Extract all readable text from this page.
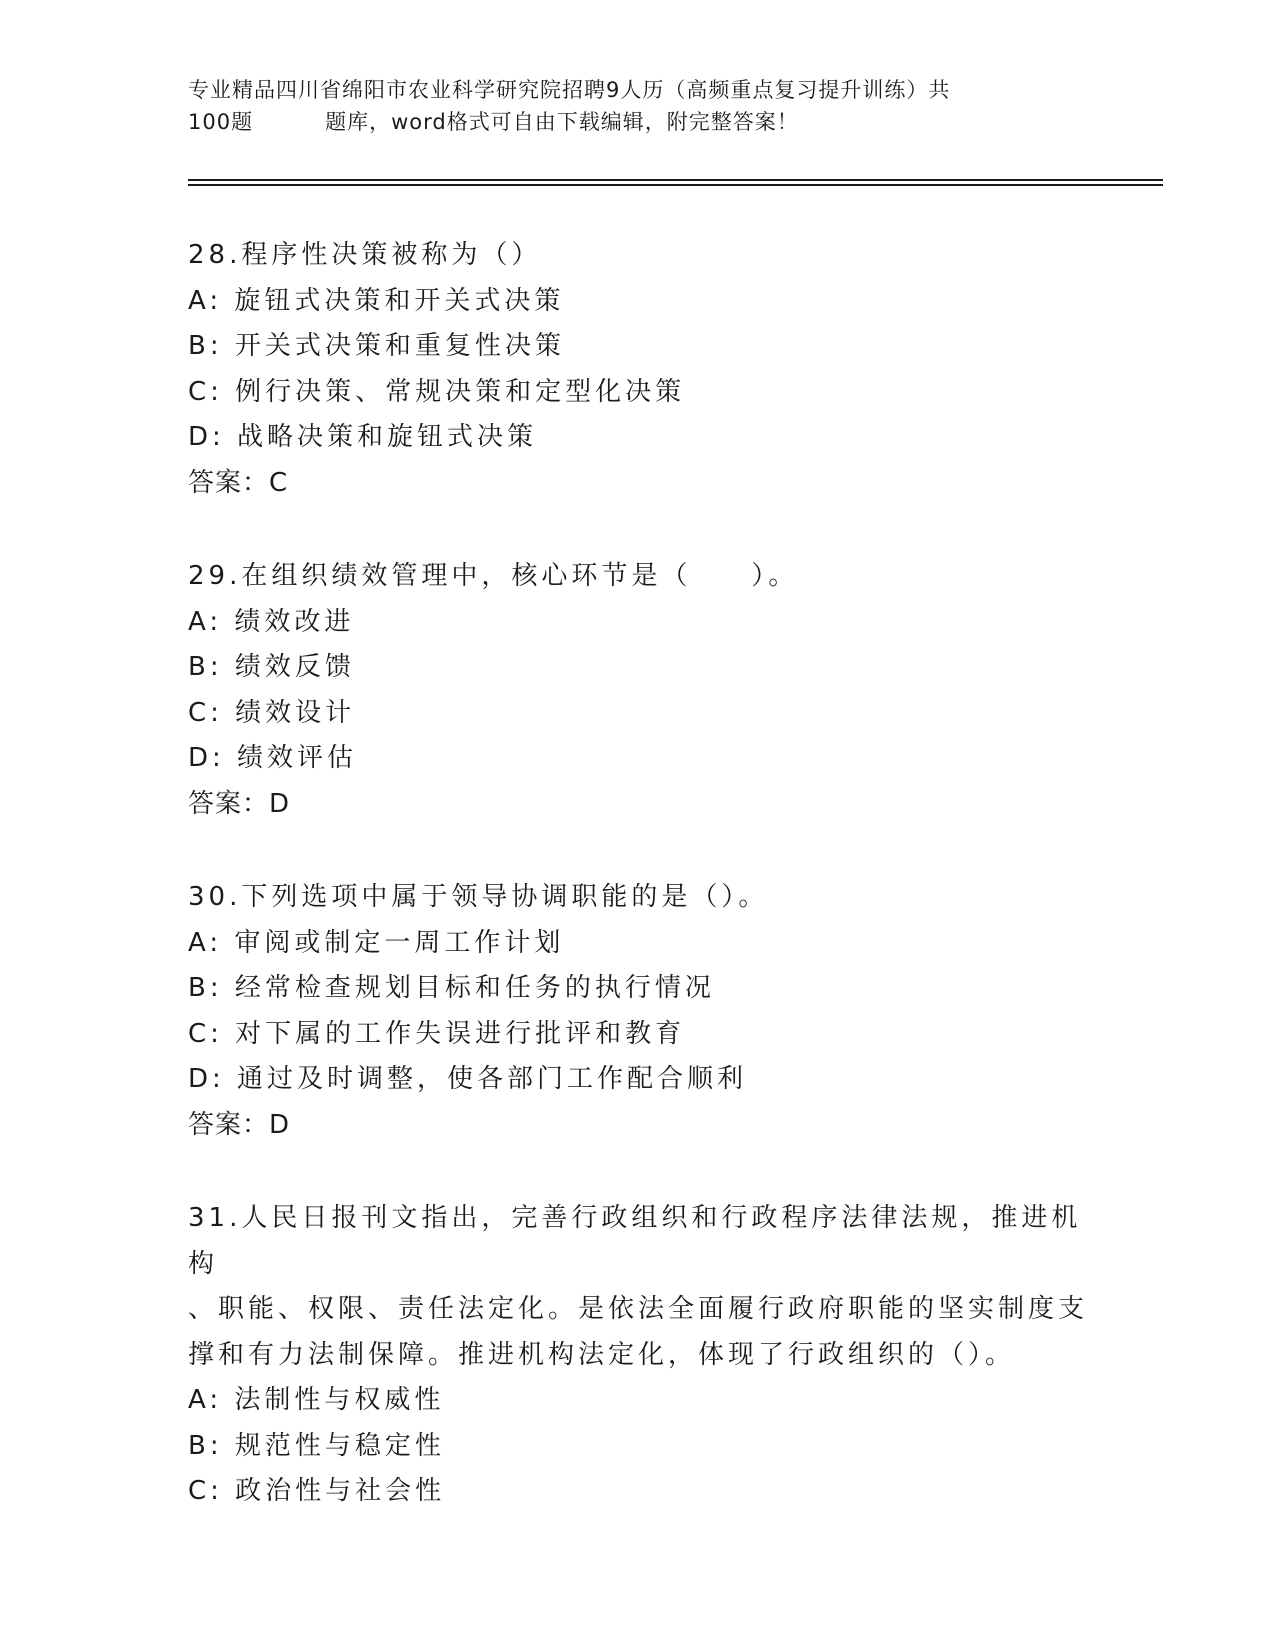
专业精品四川省绵阳市农业科学研究院招聘9人历（高频重点复习提升训练）共
100题	题库，word格式可自由下载编辑，附完整答案！
28.程序性决策被称为（）
A: 旋钮式决策和开关式决策
B: 开关式决策和重复性决策
C: 例行决策、常规决策和定型化决策
D: 战略决策和旋钮式决策
答案：C
29.在组织绩效管理中，核心环节是（　　）。
A: 绩效改进
B: 绩效反馈
C: 绩效设计
D: 绩效评估
答案：D
30.下列选项中属于领导协调职能的是（）。
A: 审阅或制定一周工作计划
B: 经常检查规划目标和任务的执行情况
C: 对下属的工作失误进行批评和教育
D: 通过及时调整，使各部门工作配合顺利
答案：D
31.人民日报刊文指出，完善行政组织和行政程序法律法规，推进机构
、职能、权限、责任法定化。是依法全面履行政府职能的坚实制度支
撑和有力法制保障。推进机构法定化，体现了行政组织的（）。
A: 法制性与权威性
B: 规范性与稳定性
C: 政治性与社会性
